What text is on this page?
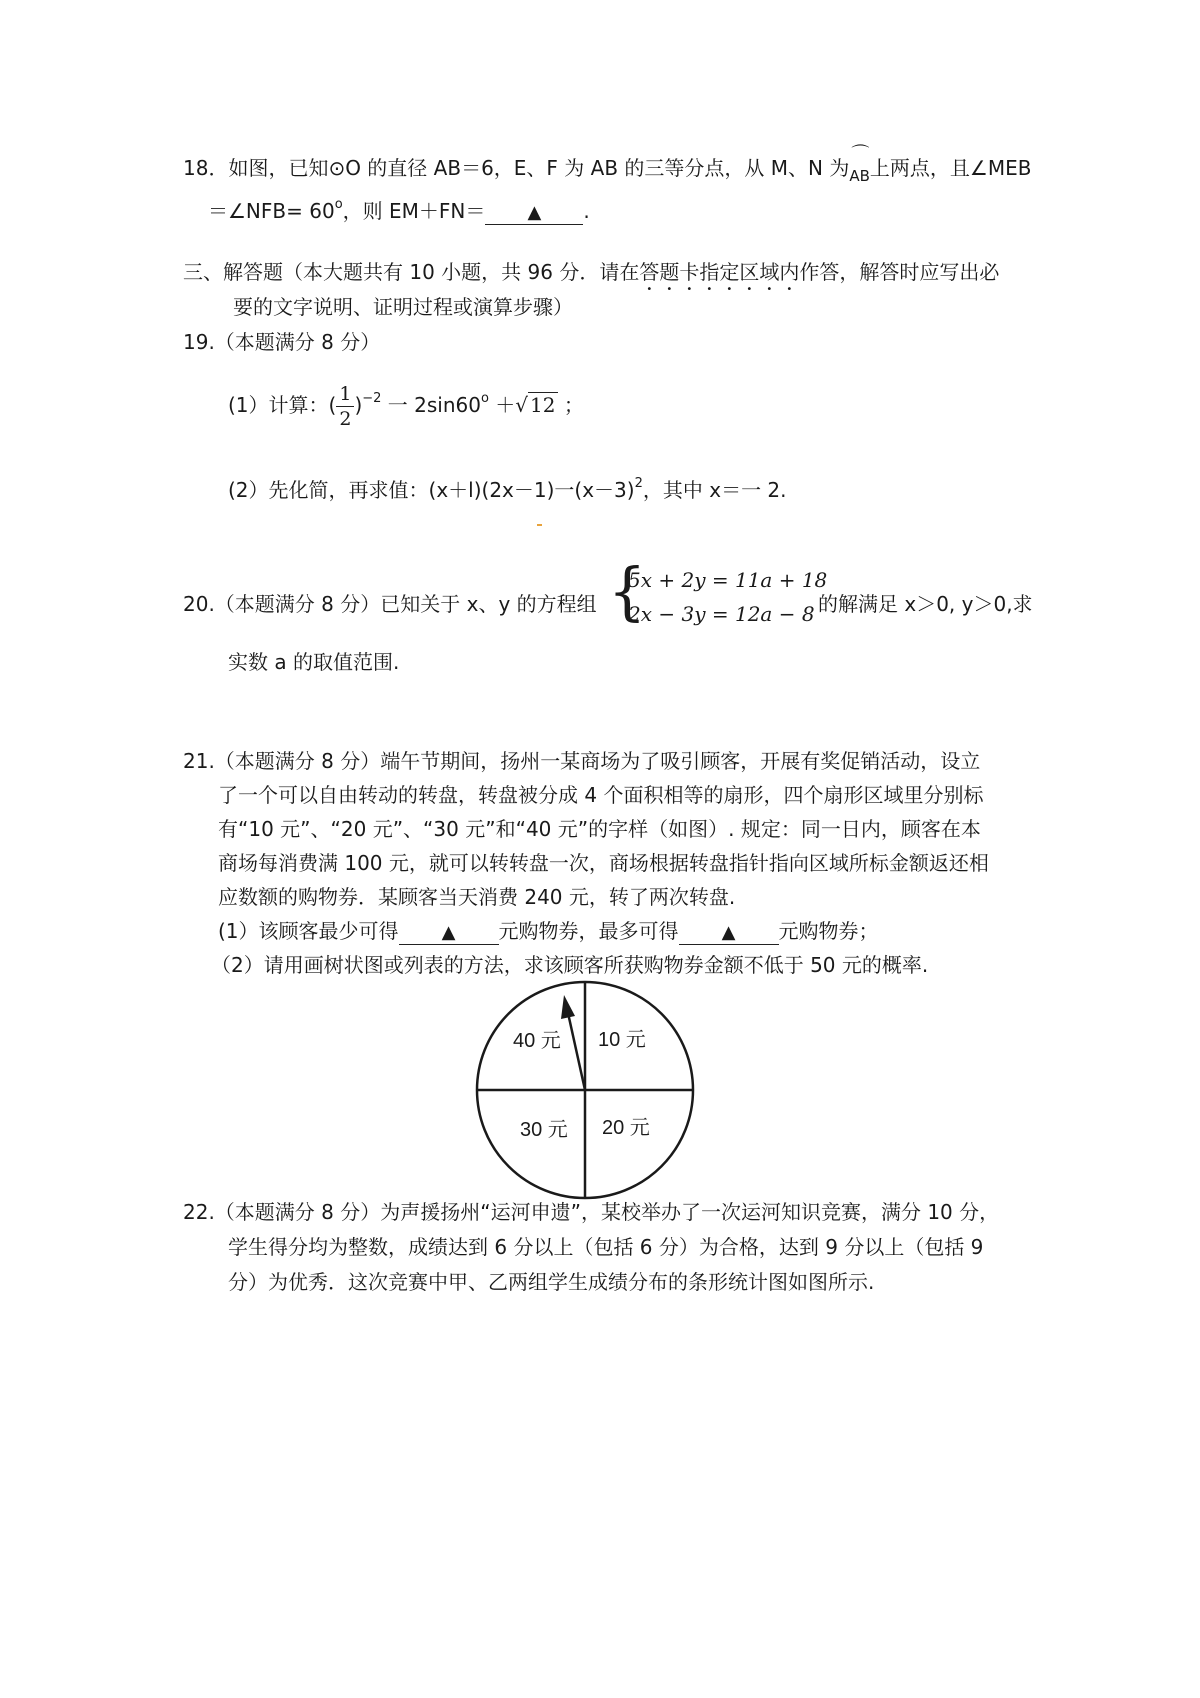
18．如图，已知⊙O 的直径 AB＝6，E、F 为 AB 的三等分点，从 M、N 为
⌒
$_{AB}$上两点，且∠MEB
＝∠NFB= $60^o$，则 EM＋FN＝ ▲ .
三、解答题（本大题共有 10 小题，共 96 分．请在答题卡指定区域内作答，解答时应写出必
要的文字说明、证明过程或演算步骤）
19.（本题满分 8 分）
(1）计算：( $\frac{1}{2} )^{-2}$ 一 $2\sin 60^o$ ＋√ 12 ；
(2）先化简，再求值：(x＋l)(2x－1)一$(x-3)^2$，其中 x＝一 2.
20.（本题满分 8 分）已知关于 x、y 的方程组 {
5x + 2y = 11a + 18
2x − 3y = 12a − 8 的解满足 x＞0, y＞0,求
实数 a 的取值范围.
21.（本题满分 8 分）端午节期间，扬州一某商场为了吸引顾客，开展有奖促销活动，设立
了一个可以自由转动的转盘，转盘被分成 4 个面积相等的扇形，四个扇形区域里分别标
有“10 元”、“20 元”、“30 元”和“40 元”的字样（如图）. 规定：同一日内，顾客在本
商场每消费满 100 元，就可以转转盘一次，商场根据转盘指针指向区域所标金额返还相
应数额的购物券．某顾客当天消费 240 元，转了两次转盘.
(1）该顾客最少可得 ▲ 元购物券，最多可得 ▲ 元购物券；
（2）请用画树状图或列表的方法，求该顾客所获购物券金额不低于 50 元的概率.
40 元 10 元
30 元 20 元
22.（本题满分 8 分）为声援扬州“运河申遗”，某校举办了一次运河知识竞赛，满分 10 分，
学生得分均为整数，成绩达到 6 分以上（包括 6 分）为合格，达到 9 分以上（包括 9
分）为优秀．这次竞赛中甲、乙两组学生成绩分布的条形统计图如图所示.
